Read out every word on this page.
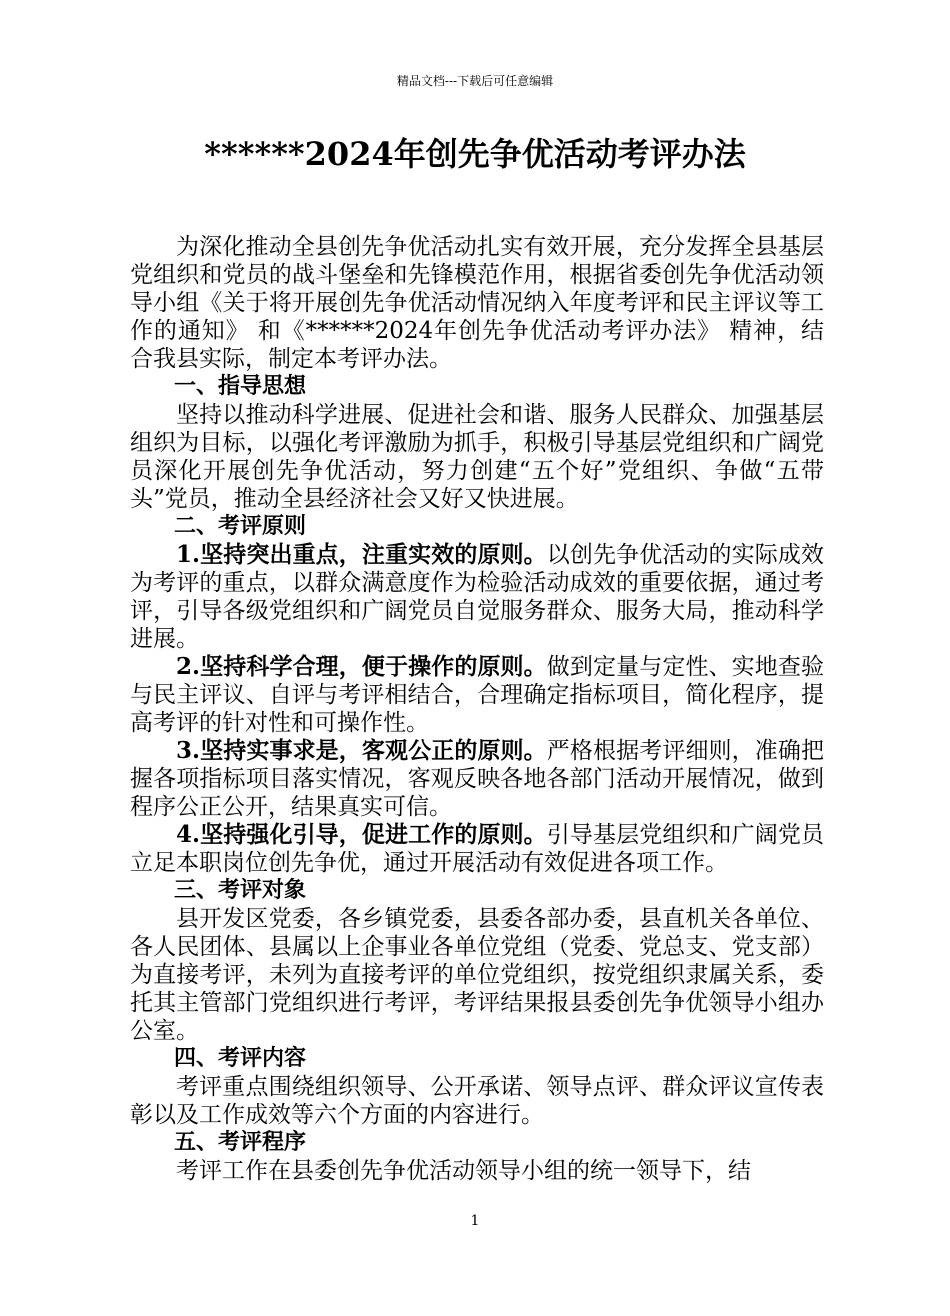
精品文档---下载后可任意编辑
******2024年创先争优活动考评办法

为深化推动全县创先争优活动扎实有效开展，充分发挥全县基层党组织和党员的战斗堡垒和先锋模范作用，根据省委创先争优活动领导小组《关于将开展创先争优活动情况纳入年度考评和民主评议等工作的通知》 和《******2024年创先争优活动考评办法》 精神，结合我县实际，制定本考评办法。

一、指导思想

坚持以推动科学进展、促进社会和谐、服务人民群众、加强基层组织为目标，以强化考评激励为抓手，积极引导基层党组织和广阔党员深化开展创先争优活动，努力创建“五个好”党组织、争做“五带头”党员，推动全县经济社会又好又快进展。

二、考评原则

1.坚持突出重点，注重实效的原则。以创先争优活动的实际成效为考评的重点，以群众满意度作为检验活动成效的重要依据，通过考评，引导各级党组织和广阔党员自觉服务群众、服务大局，推动科学进展。

2.坚持科学合理，便于操作的原则。做到定量与定性、实地查验与民主评议、自评与考评相结合，合理确定指标项目，简化程序，提高考评的针对性和可操作性。

3.坚持实事求是，客观公正的原则。严格根据考评细则，准确把握各项指标项目落实情况，客观反映各地各部门活动开展情况，做到程序公正公开，结果真实可信。

4.坚持强化引导，促进工作的原则。引导基层党组织和广阔党员立足本职岗位创先争优，通过开展活动有效促进各项工作。

三、考评对象

县开发区党委，各乡镇党委，县委各部办委，县直机关各单位、各人民团体、县属以上企事业各单位党组（党委、党总支、党支部）为直接考评，未列为直接考评的单位党组织，按党组织隶属关系，委托其主管部门党组织进行考评，考评结果报县委创先争优领导小组办公室。

四、考评内容

考评重点围绕组织领导、公开承诺、领导点评、群众评议宣传表彰以及工作成效等六个方面的内容进行。

五、考评程序

考评工作在县委创先争优活动领导小组的统一领导下，结

1
